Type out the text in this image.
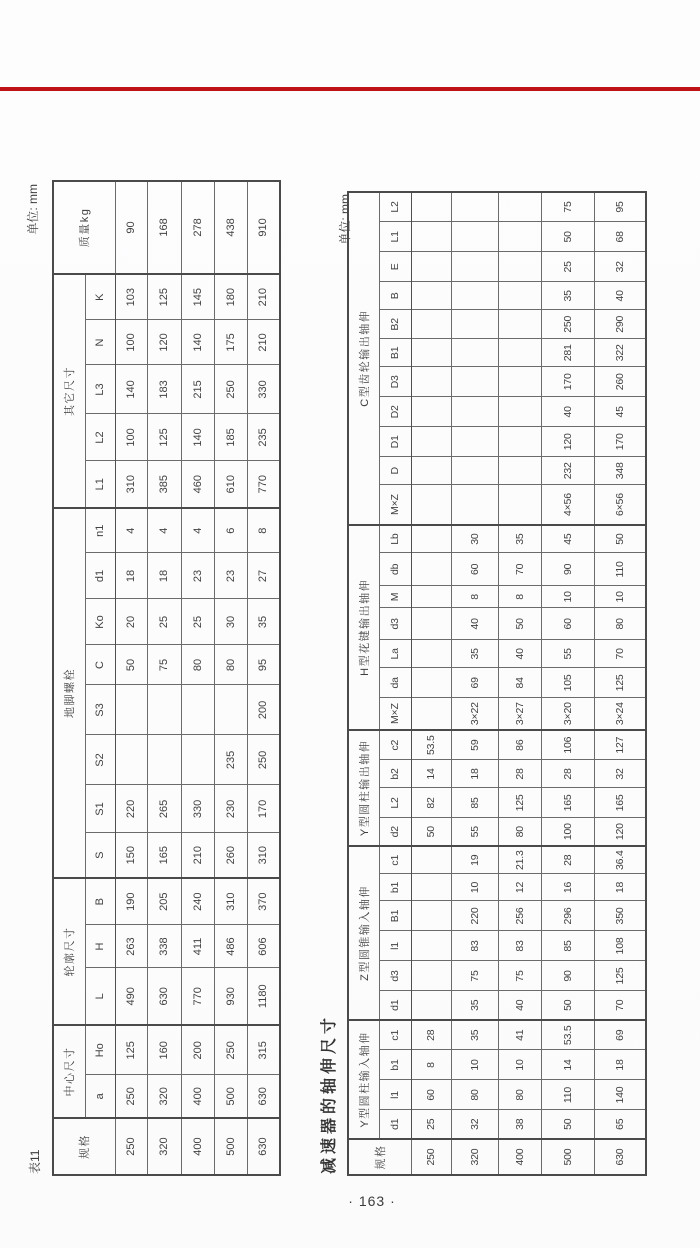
表11
单位: mm
规格	中心尺寸		轮廓尺寸			地脚螺栓								其它尺寸					质量kg
	a	Ho	L	H	B	S	S1	S2	S3	C	Ko	d1	n1	L1	L2	L3	N	K	
250	250	125	490	263	190	150	220			50	20	18	4	310	100	140	100	103	90
320	320	160	630	338	205	165	265			75	25	18	4	385	125	183	120	125	168
400	400	200	770	411	240	210	330			80	25	23	4	460	140	215	140	145	278
500	500	250	930	486	310	260	230	235		80	30	23	6	610	185	250	175	180	438
630	630	315	1180	606	370	310	170	250	200	95	35	27	8	770	235	330	210	210	910
减速器的轴伸尺寸
单位: mm
规格	Y型圆柱输入轴伸				Z型圆锥输入轴伸						Y型圆柱输出轴伸				H型花键输出轴伸							C型齿轮输出轴伸										
	d1	l1	b1	c1	d1	d3	l1	B1	b1	c1	d2	L2	b2	c2	M×Z	da	La	d3	M	db	Lb	M×Z	D	D1	D2	D3	B1	B2	B	E	L1	L2
250	25	60	8	28							50	82	14	53.5																		
320	32	80	10	35	35	75	83	220	10	19	55	85	18	59	3×22	69	35	40	8	60	30											
400	38	80	10	41	40	75	83	256	12	21.3	80	125	28	86	3×27	84	40	50	8	70	35											
500	50	110	14	53.5	50	90	85	296	16	28	100	165	28	106	3×20	105	55	60	10	90	45	4×56	232	120	40	170	281	250	35	25	50	75
630	65	140	18	69	70	125	108	350	18	36.4	120	165	32	127	3×24	125	70	80	10	110	50	6×56	348	170	45	260	322	290	40	32	68	95
· 163 ·
